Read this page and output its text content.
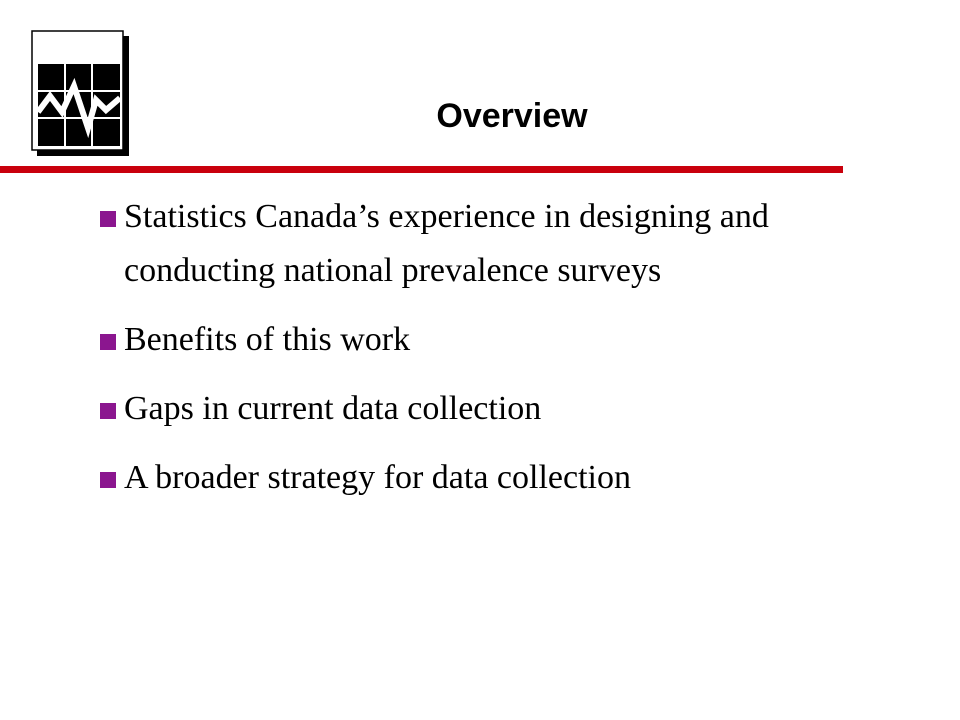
Overview
Statistics Canada’s experience in designing and conducting national prevalence surveys
Benefits of this work
Gaps in current data collection
A broader strategy for data collection
